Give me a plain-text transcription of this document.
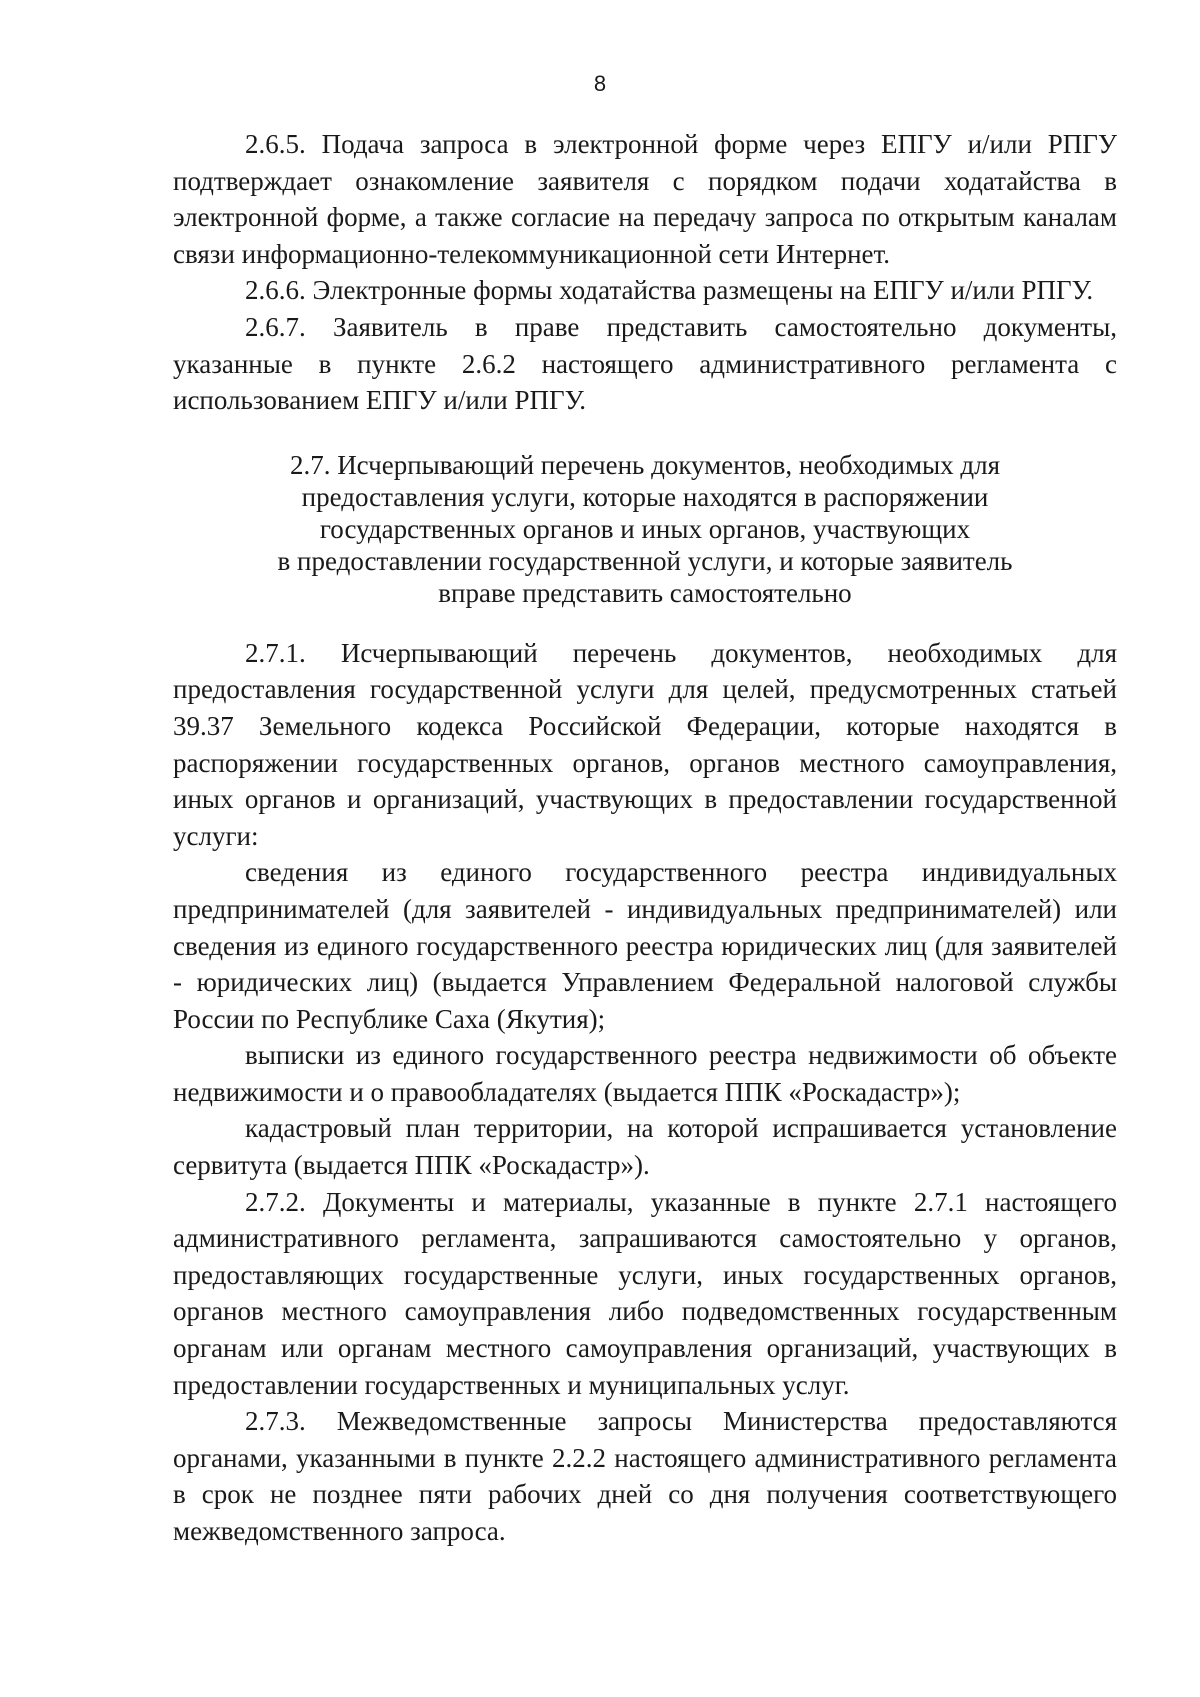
8

2.6.5. Подача запроса в электронной форме через ЕПГУ и/или РПГУ подтверждает ознакомление заявителя с порядком подачи ходатайства в электронной форме, а также согласие на передачу запроса по открытым каналам связи информационно-телекоммуникационной сети Интернет.

2.6.6. Электронные формы ходатайства размещены на ЕПГУ и/или РПГУ.

2.6.7. Заявитель в праве представить самостоятельно документы, указанные в пункте 2.6.2 настоящего административного регламента с использованием ЕПГУ и/или РПГУ.

2.7. Исчерпывающий перечень документов, необходимых для
предоставления услуги, которые находятся в распоряжении
государственных органов и иных органов, участвующих
в предоставлении государственной услуги, и которые заявитель
вправе представить самостоятельно

2.7.1. Исчерпывающий перечень документов, необходимых для предоставления государственной услуги для целей, предусмотренных статьей 39.37 Земельного кодекса Российской Федерации, которые находятся в распоряжении государственных органов, органов местного самоуправления, иных органов и организаций, участвующих в предоставлении государственной услуги:

сведения из единого государственного реестра индивидуальных предпринимателей (для заявителей - индивидуальных предпринимателей) или сведения из единого государственного реестра юридических лиц (для заявителей - юридических лиц) (выдается Управлением Федеральной налоговой службы России по Республике Саха (Якутия);

выписки из единого государственного реестра недвижимости об объекте недвижимости и о правообладателях (выдается ППК «Роскадастр»);

кадастровый план территории, на которой испрашивается установление сервитута (выдается ППК «Роскадастр»).

2.7.2. Документы и материалы, указанные в пункте 2.7.1 настоящего административного регламента, запрашиваются самостоятельно у органов, предоставляющих государственные услуги, иных государственных органов, органов местного самоуправления либо подведомственных государственным органам или органам местного самоуправления организаций, участвующих в предоставлении государственных и муниципальных услуг.

2.7.3. Межведомственные запросы Министерства предоставляются органами, указанными в пункте 2.2.2 настоящего административного регламента в срок не позднее пяти рабочих дней со дня получения соответствующего межведомственного запроса.
